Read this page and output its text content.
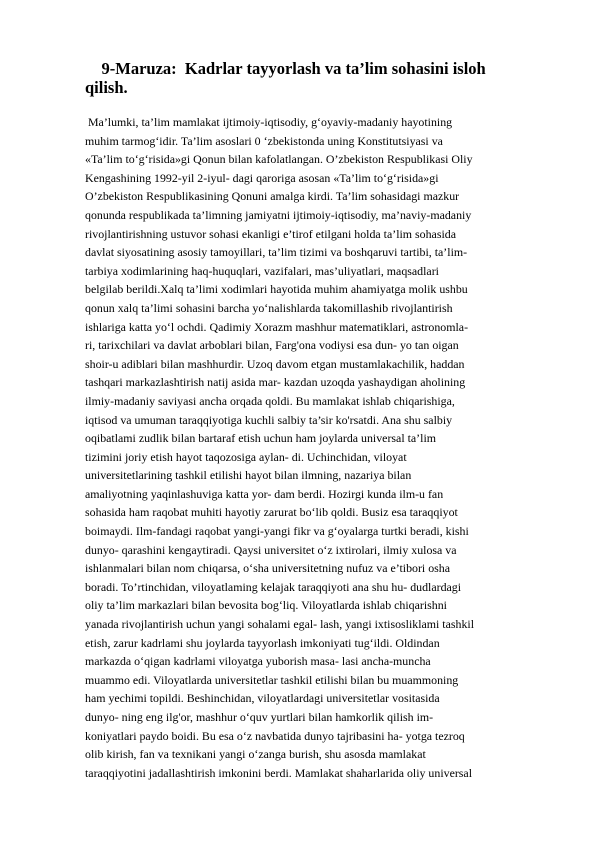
9-Maruza:  Kadrlar tayyorlash va ta’lim sohasini isloh
qilish.
Ma’lumki, ta’lim mamlakat ijtimoiy-iqtisodiy, g‘oyaviy-madaniy hayotining
muhim tarmog‘idir. Ta’lim asoslari 0 ‘zbekistonda uning Konstitutsiyasi va
«Ta’lim to‘g‘risida»gi Qonun bilan kafolatlangan. O’zbekiston Respublikasi Oliy
Kengashining 1992-yil 2-iyul- dagi qaroriga asosan «Ta’lim to‘g‘risida»gi
O’zbekiston Respublikasining Qonuni amalga kirdi. Ta’lim sohasidagi mazkur
qonunda respublikada ta’limning jamiyatni ijtimoiy-iqtisodiy, ma’naviy-madaniy
rivojlantirishning ustuvor sohasi ekanligi e’tirof etilgani holda ta’lim sohasida
davlat siyosatining asosiy tamoyillari, ta’lim tizimi va boshqaruvi tartibi, ta’lim-
tarbiya xodimlarining haq-huquqlari, vazifalari, mas’uliyatlari, maqsadlari
belgilab berildi.Xalq ta’limi xodimlari hayotida muhim ahamiyatga molik ushbu
qonun xalq ta’limi sohasini barcha yo‘nalishlarda takomillashib rivojlantirish
ishlariga katta yo‘l ochdi. Qadimiy Xorazm mashhur matematiklari, astronomla-
ri, tarixchilari va davlat arboblari bilan, Farg'ona vodiysi esa dun- yo tan oigan
shoir-u adiblari bilan mashhurdir. Uzoq davom etgan mustamlakachilik, haddan
tashqari markazlashtirish natij asida mar- kazdan uzoqda yashaydigan aholining
ilmiy-madaniy saviyasi ancha orqada qoldi. Bu mamlakat ishlab chiqarishiga,
iqtisod va umuman taraqqiyotiga kuchli salbiy ta’sir ko'rsatdi. Ana shu salbiy
oqibatlami zudlik bilan bartaraf etish uchun ham joylarda universal ta’lim
tizimini joriy etish hayot taqozosiga aylan- di. Uchinchidan, viloyat
universitetlarining tashkil etilishi hayot bilan ilmning, nazariya bilan
amaliyotning yaqinlashuviga katta yor- dam berdi. Hozirgi kunda ilm-u fan
sohasida ham raqobat muhiti hayotiy zarurat bo‘lib qoldi. Busiz esa taraqqiyot
boimaydi. Ilm-fandagi raqobat yangi-yangi fikr va g‘oyalarga turtki beradi, kishi
dunyo- qarashini kengaytiradi. Qaysi universitet o‘z ixtirolari, ilmiy xulosa va
ishlanmalari bilan nom chiqarsa, o‘sha universitetning nufuz va e’tibori osha
boradi. To’rtinchidan, viloyatlaming kelajak taraqqiyoti ana shu hu- dudlardagi
oliy ta’lim markazlari bilan bevosita bog‘liq. Viloyatlarda ishlab chiqarishni
yanada rivojlantirish uchun yangi sohalami egal- lash, yangi ixtisosliklami tashkil
etish, zarur kadrlami shu joylarda tayyorlash imkoniyati tug‘ildi. Oldindan
markazda o‘qigan kadrlami viloyatga yuborish masa- lasi ancha-muncha
muammo edi. Viloyatlarda universitetlar tashkil etilishi bilan bu muammoning
ham yechimi topildi. Beshinchidan, viloyatlardagi universitetlar vositasida
dunyo- ning eng ilg'or, mashhur o‘quv yurtlari bilan hamkorlik qilish im-
koniyatlari paydo boidi. Bu esa o‘z navbatida dunyo tajribasini ha- yotga tezroq
olib kirish, fan va texnikani yangi o‘zanga burish, shu asosda mamlakat
taraqqiyotini jadallashtirish imkonini berdi. Mamlakat shaharlarida oliy universal
